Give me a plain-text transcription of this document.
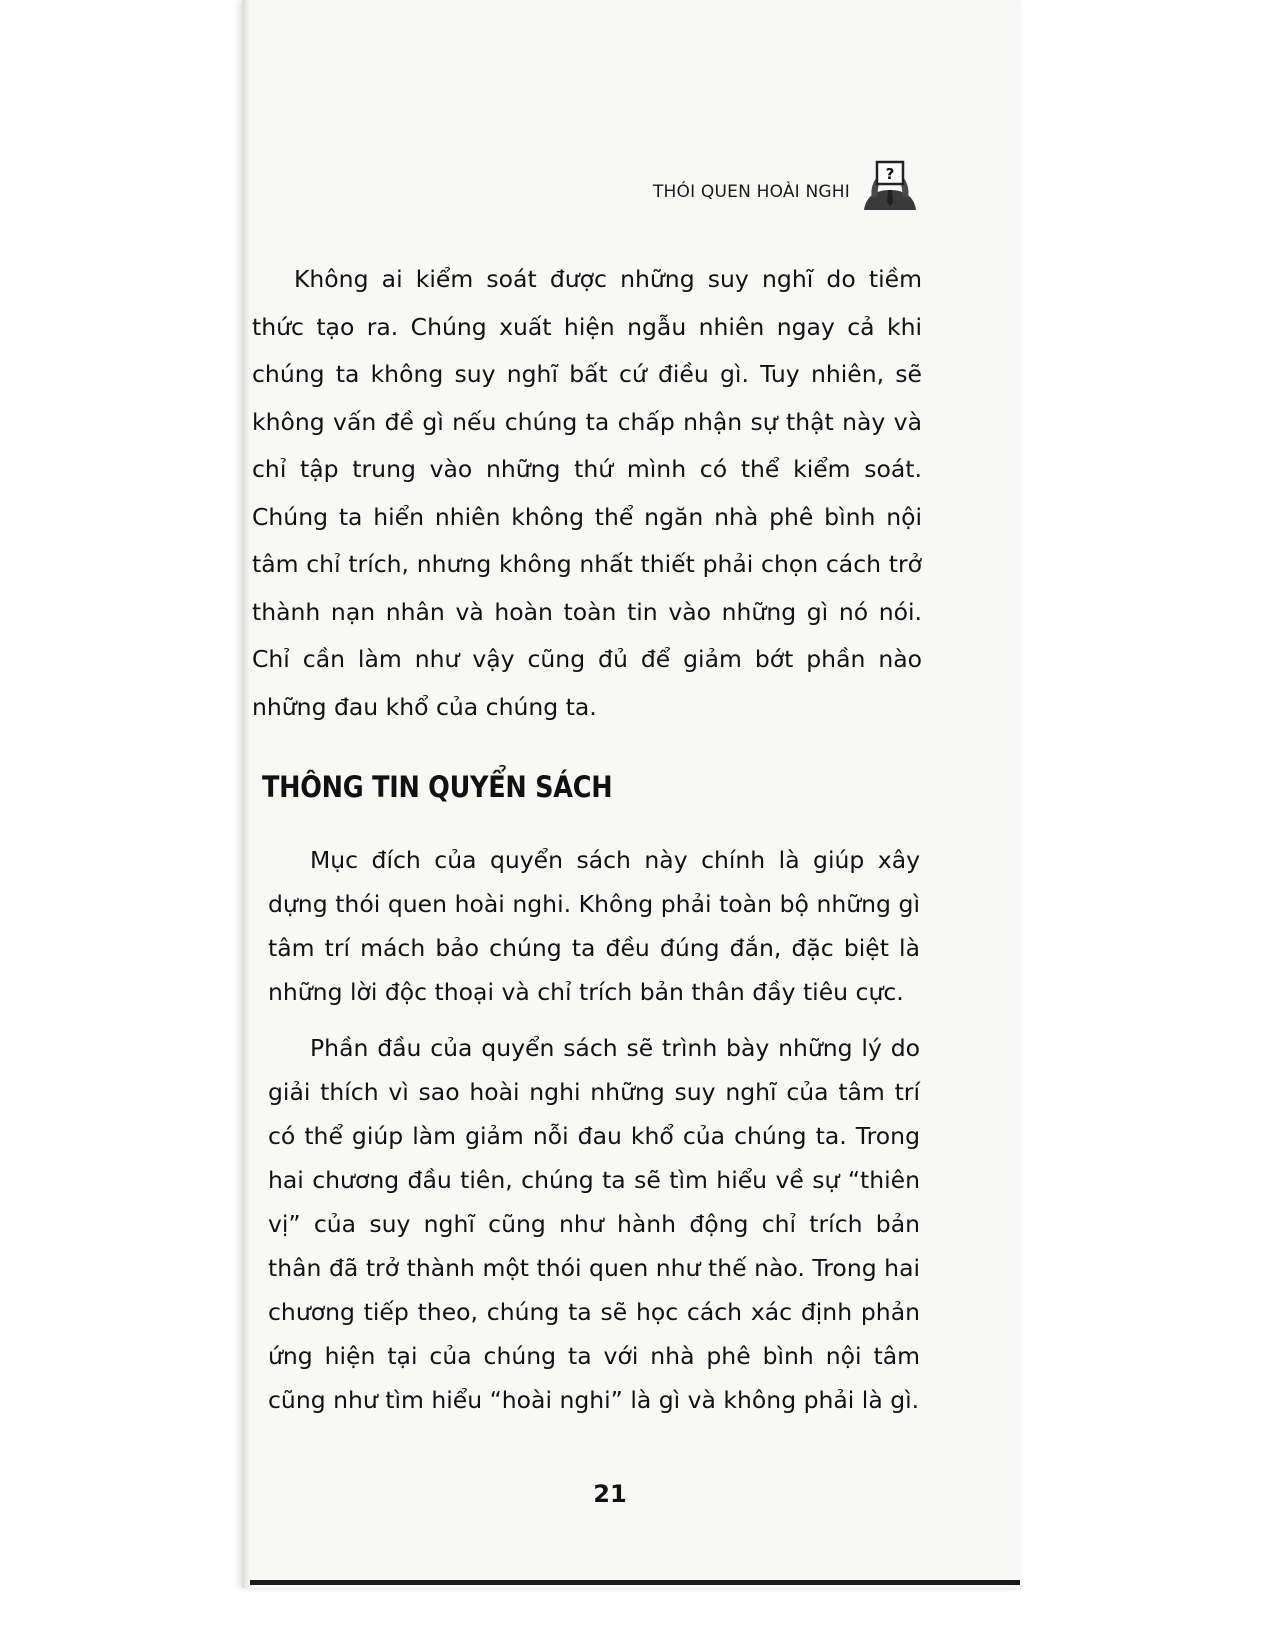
THÓI QUEN HOÀI NGHI
?

Không ai kiểm soát được những suy nghĩ do tiềm thức tạo ra. Chúng xuất hiện ngẫu nhiên ngay cả khi chúng ta không suy nghĩ bất cứ điều gì. Tuy nhiên, sẽ không vấn đề gì nếu chúng ta chấp nhận sự thật này và chỉ tập trung vào những thứ mình có thể kiểm soát. Chúng ta hiển nhiên không thể ngăn nhà phê bình nội tâm chỉ trích, nhưng không nhất thiết phải chọn cách trở thành nạn nhân và hoàn toàn tin vào những gì nó nói. Chỉ cần làm như vậy cũng đủ để giảm bớt phần nào những đau khổ của chúng ta.

THÔNG TIN QUYỂN SÁCH

Mục đích của quyển sách này chính là giúp xây dựng thói quen hoài nghi. Không phải toàn bộ những gì tâm trí mách bảo chúng ta đều đúng đắn, đặc biệt là những lời độc thoại và chỉ trích bản thân đầy tiêu cực.

Phần đầu của quyển sách sẽ trình bày những lý do giải thích vì sao hoài nghi những suy nghĩ của tâm trí có thể giúp làm giảm nỗi đau khổ của chúng ta. Trong hai chương đầu tiên, chúng ta sẽ tìm hiểu về sự “thiên vị” của suy nghĩ cũng như hành động chỉ trích bản thân đã trở thành một thói quen như thế nào. Trong hai chương tiếp theo, chúng ta sẽ học cách xác định phản ứng hiện tại của chúng ta với nhà phê bình nội tâm cũng như tìm hiểu “hoài nghi” là gì và không phải là gì.

21
